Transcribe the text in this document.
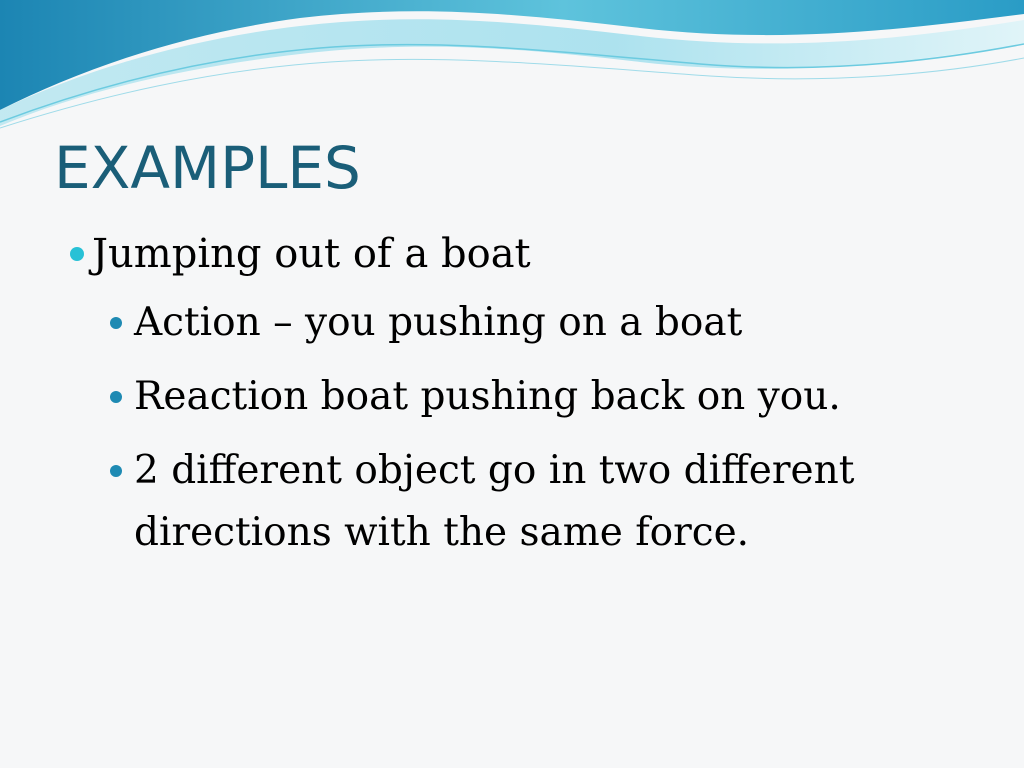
EXAMPLES
Jumping out of a boat
Action – you pushing on a boat
Reaction boat pushing back on you.
2 different object go in two different directions with the same force.
